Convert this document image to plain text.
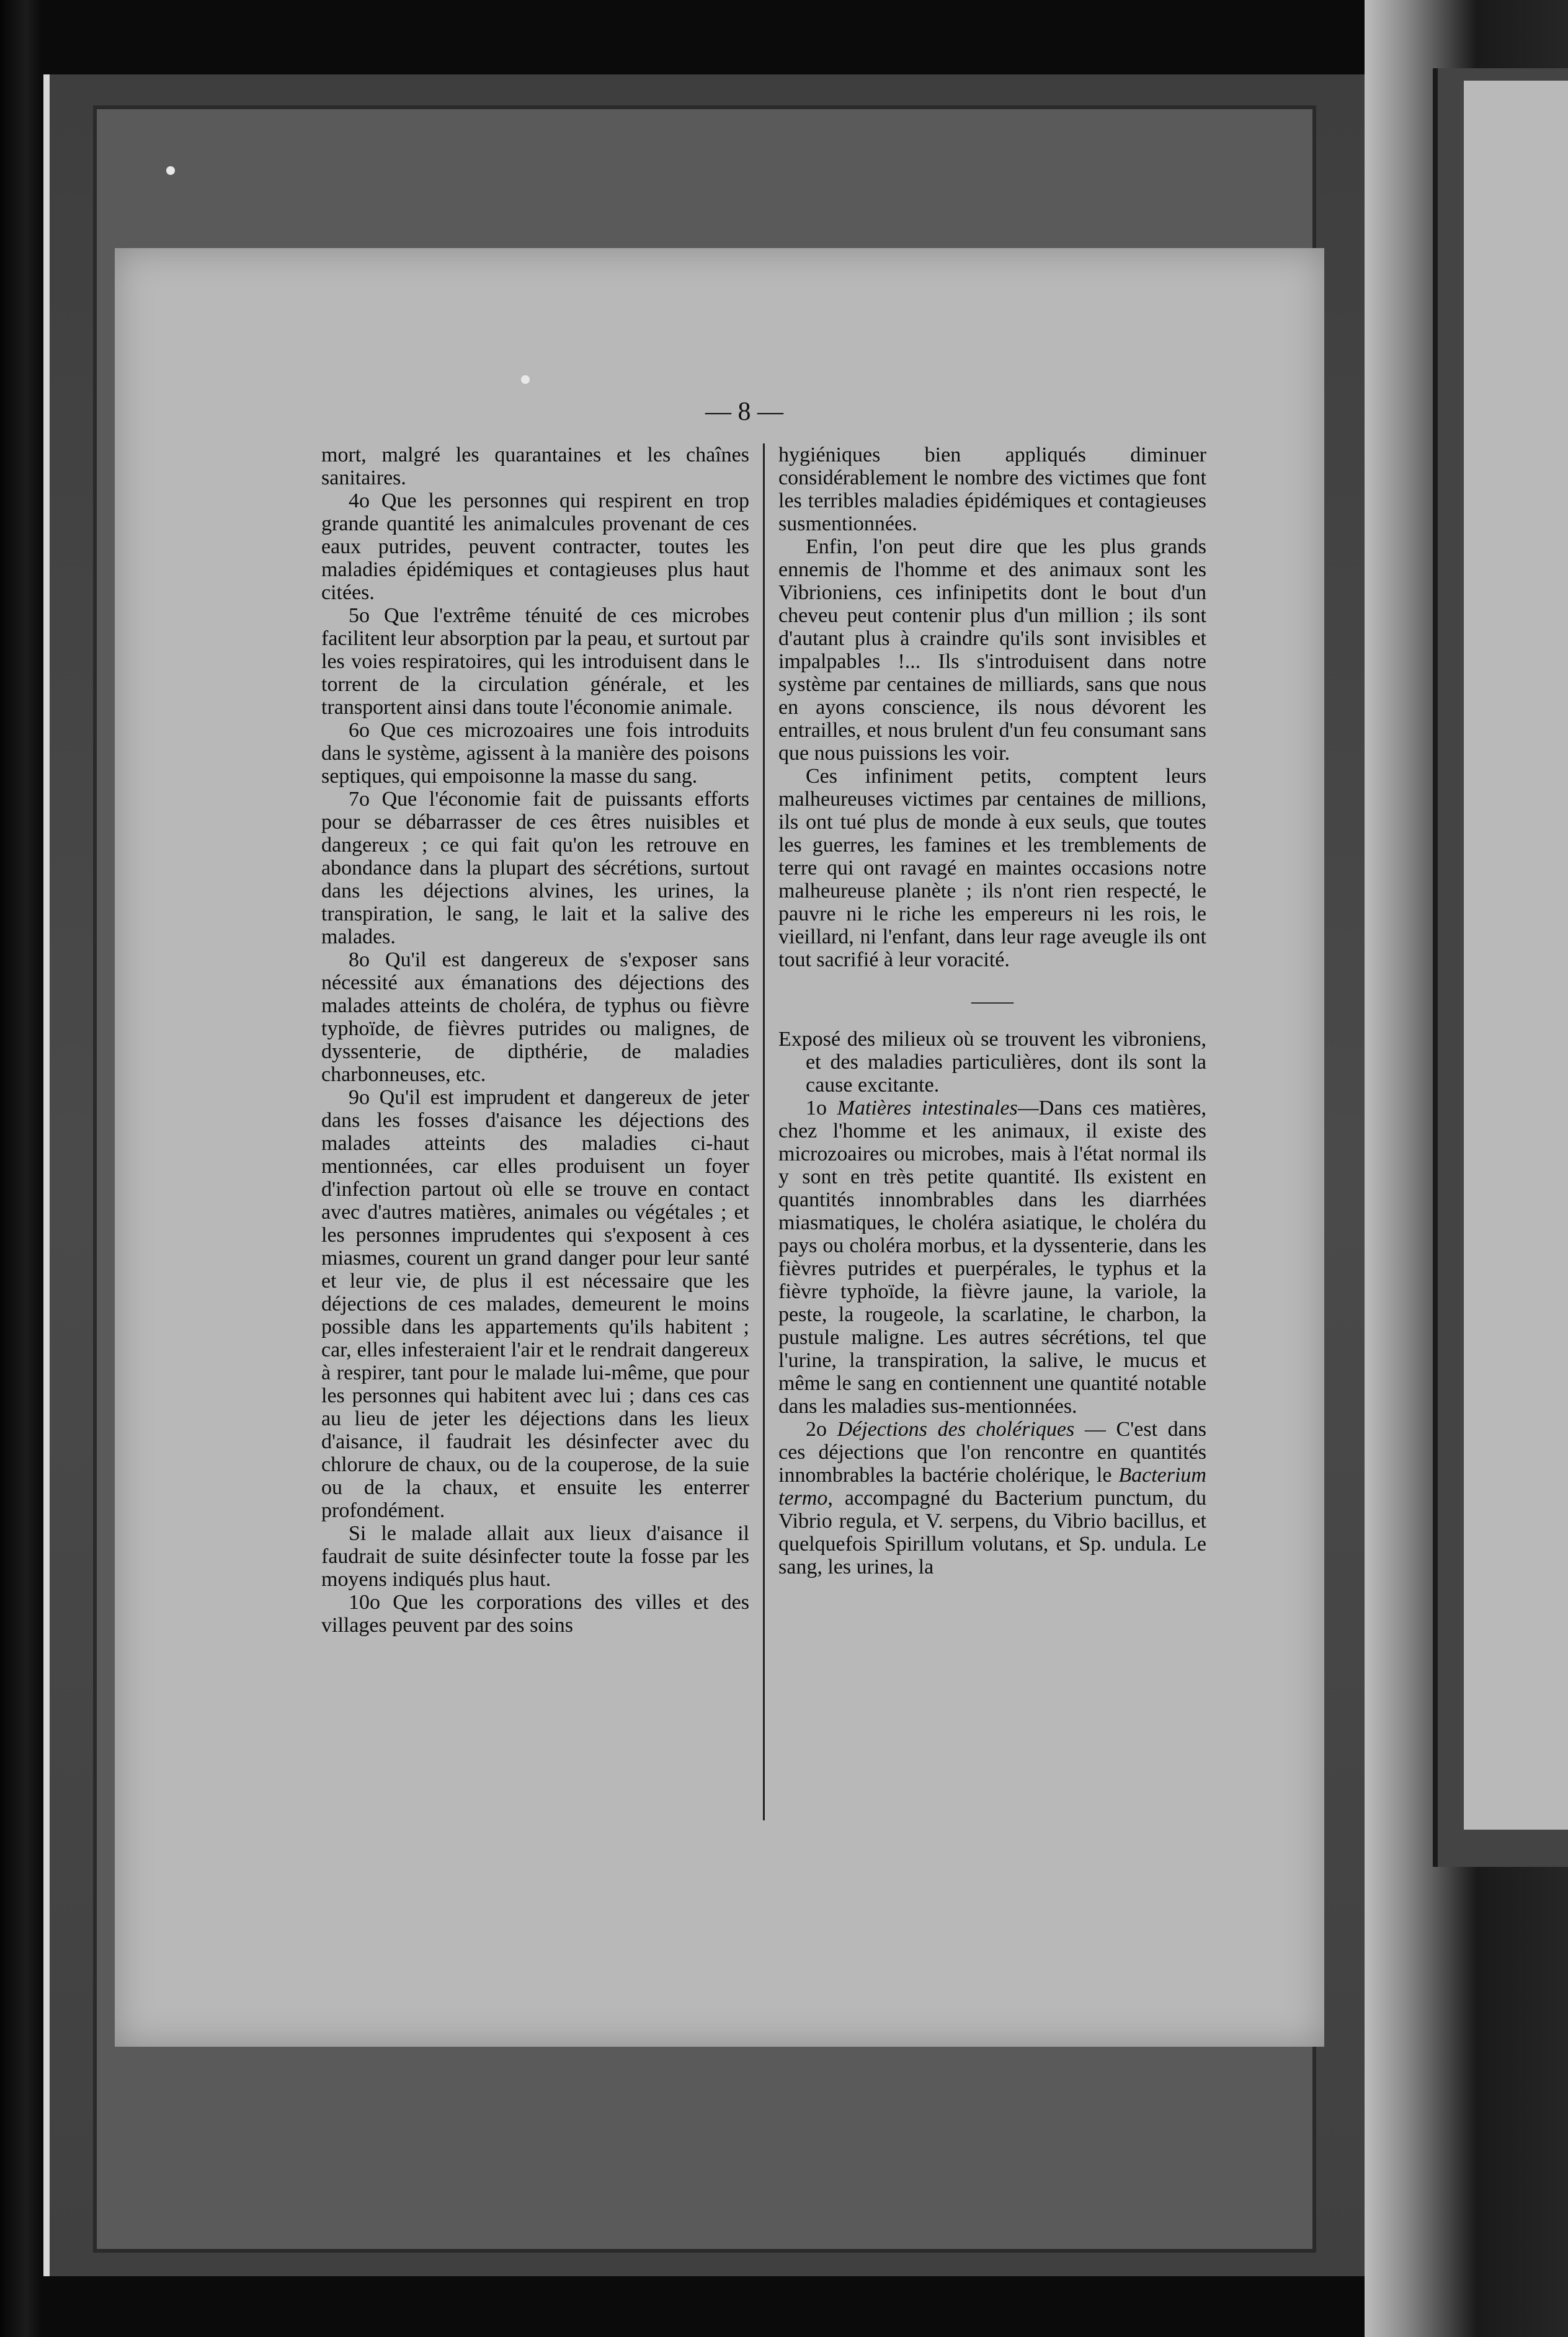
— 8 —

mort, malgré les quarantaines et les chaînes sanitaires.

4o Que les personnes qui respirent en trop grande quantité les animalcules provenant de ces eaux putrides, peuvent contracter, toutes les maladies épidémiques et contagieuses plus haut citées.

5o Que l'extrême ténuité de ces microbes facilitent leur absorption par la peau, et surtout par les voies respiratoires, qui les introduisent dans le torrent de la circulation générale, et les transportent ainsi dans toute l'économie animale.

6o Que ces microzoaires une fois introduits dans le système, agissent à la manière des poisons septiques, qui empoisonne la masse du sang.

7o Que l'économie fait de puissants efforts pour se débarrasser de ces êtres nuisibles et dangereux ; ce qui fait qu'on les retrouve en abondance dans la plupart des sécrétions, surtout dans les déjections alvines, les urines, la transpiration, le sang, le lait et la salive des malades.

8o Qu'il est dangereux de s'exposer sans nécessité aux émanations des déjections des malades atteints de choléra, de typhus ou fièvre typhoïde, de fièvres putrides ou malignes, de dyssenterie, de dipthérie, de maladies charbonneuses, etc.

9o Qu'il est imprudent et dangereux de jeter dans les fosses d'aisance les déjections des malades atteints des maladies ci-haut mentionnées, car elles produisent un foyer d'infection partout où elle se trouve en contact avec d'autres matières, animales ou végétales ; et les personnes imprudentes qui s'exposent à ces miasmes, courent un grand danger pour leur santé et leur vie, de plus il est nécessaire que les déjections de ces malades, demeurent le moins possible dans les appartements qu'ils habitent ; car, elles infesteraient l'air et le rendrait dangereux à respirer, tant pour le malade lui-même, que pour les personnes qui habitent avec lui ; dans ces cas au lieu de jeter les déjections dans les lieux d'aisance, il faudrait les désinfecter avec du chlorure de chaux, ou de la couperose, de la suie ou de la chaux, et ensuite les enterrer profondément.

Si le malade allait aux lieux d'aisance il faudrait de suite désinfecter toute la fosse par les moyens indiqués plus haut.

10o Que les corporations des villes et des villages peuvent par des soins

hygiéniques bien appliqués diminuer considérablement le nombre des victimes que font les terribles maladies épidémiques et contagieuses susmentionnées.

Enfin, l'on peut dire que les plus grands ennemis de l'homme et des animaux sont les Vibrioniens, ces infinipetits dont le bout d'un cheveu peut contenir plus d'un million ; ils sont d'autant plus à craindre qu'ils sont invisibles et impalpables !... Ils s'introduisent dans notre système par centaines de milliards, sans que nous en ayons conscience, ils nous dévorent les entrailles, et nous brulent d'un feu consumant sans que nous puissions les voir.

Ces infiniment petits, comptent leurs malheureuses victimes par centaines de millions, ils ont tué plus de monde à eux seuls, que toutes les guerres, les famines et les tremblements de terre qui ont ravagé en maintes occasions notre malheureuse planète ; ils n'ont rien respecté, le pauvre ni le riche les empereurs ni les rois, le vieillard, ni l'enfant, dans leur rage aveugle ils ont tout sacrifié à leur voracité.

——

Exposé des milieux où se trouvent les vibroniens, et des maladies particulières, dont ils sont la cause excitante.

1o Matières intestinales—Dans ces matières, chez l'homme et les animaux, il existe des microzoaires ou microbes, mais à l'état normal ils y sont en très petite quantité. Ils existent en quantités innombrables dans les diarrhées miasmatiques, le choléra asiatique, le choléra du pays ou choléra morbus, et la dyssenterie, dans les fièvres putrides et puerpérales, le typhus et la fièvre typhoïde, la fièvre jaune, la variole, la peste, la rougeole, la scarlatine, le charbon, la pustule maligne. Les autres sécrétions, tel que l'urine, la transpiration, la salive, le mucus et même le sang en contiennent une quantité notable dans les maladies sus-mentionnées.

2o Déjections des cholériques — C'est dans ces déjections que l'on rencontre en quantités innombrables la bactérie cholérique, le Bacterium termo, accompagné du Bacterium punctum, du Vibrio regula, et V. serpens, du Vibrio bacillus, et quelquefois Spirillum volutans, et Sp. undula. Le sang, les urines, la
